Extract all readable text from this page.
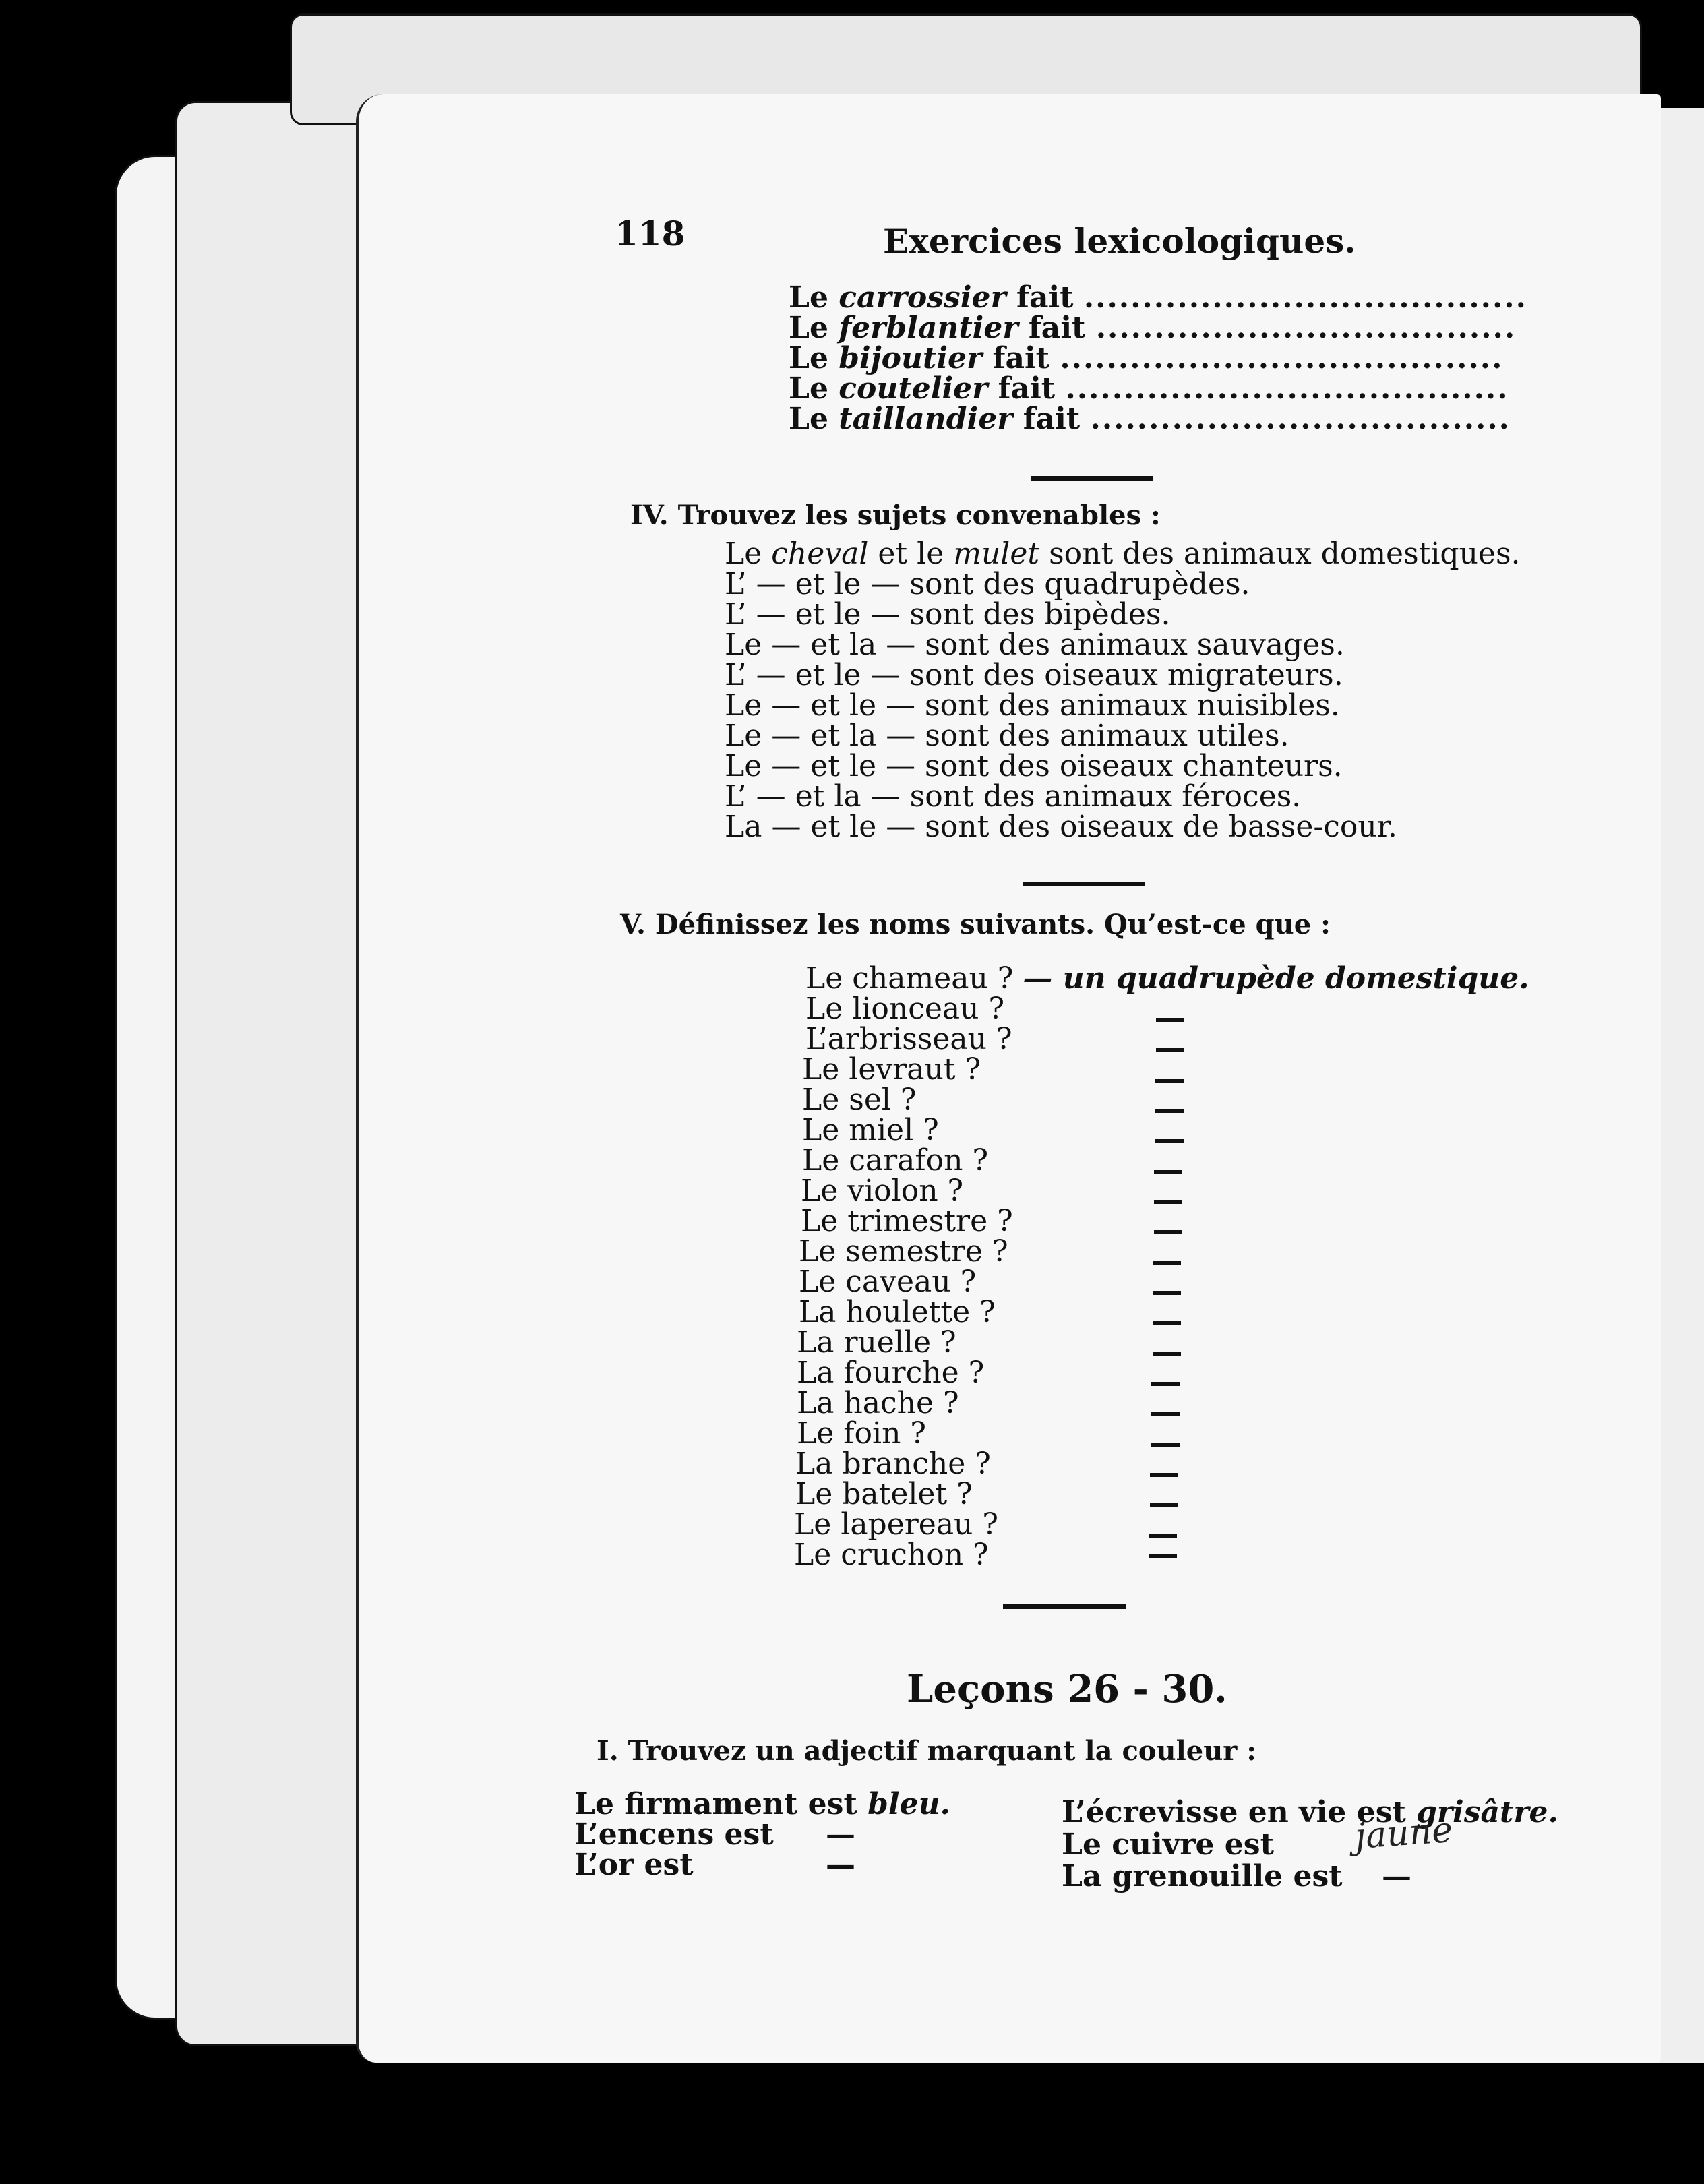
118	Exercices lexicologiques.
Le carrossier fait ......................................
Le ferblantier fait ....................................
Le bijoutier fait ......................................
Le coutelier fait ......................................
Le taillandier fait ....................................
IV. Trouvez les sujets convenables :
Le cheval et le mulet sont des animaux domestiques.
L’ — et le — sont des quadrupèdes.
L’ — et le — sont des bipèdes.
Le — et la — sont des animaux sauvages.
L’ — et le — sont des oiseaux migrateurs.
Le — et le — sont des animaux nuisibles.
Le — et la — sont des animaux utiles.
Le — et le — sont des oiseaux chanteurs.
L’ — et la — sont des animaux féroces.
La — et le — sont des oiseaux de basse-cour.
V. Définissez les noms suivants. Qu’est-ce que :
Le chameau ? — un quadrupède domestique.
Le lionceau ?
L’arbrisseau ?
Le levraut ?
Le sel ?
Le miel ?
Le carafon ?
Le violon ?
Le trimestre ?
Le semestre ?
Le caveau ?
La houlette ?
La ruelle ?
La fourche ?
La hache ?
Le foin ?
La branche ?
Le batelet ?
Le lapereau ?
Le cruchon ?
Leçons 26 - 30.
I. Trouvez un adjectif marquant la couleur :
Le firmament est bleu.
L’encens est —
L’or est	—
L’écrevisse en vie est grisâtre.
Le cuivre est
La grenouille est —
jaune
